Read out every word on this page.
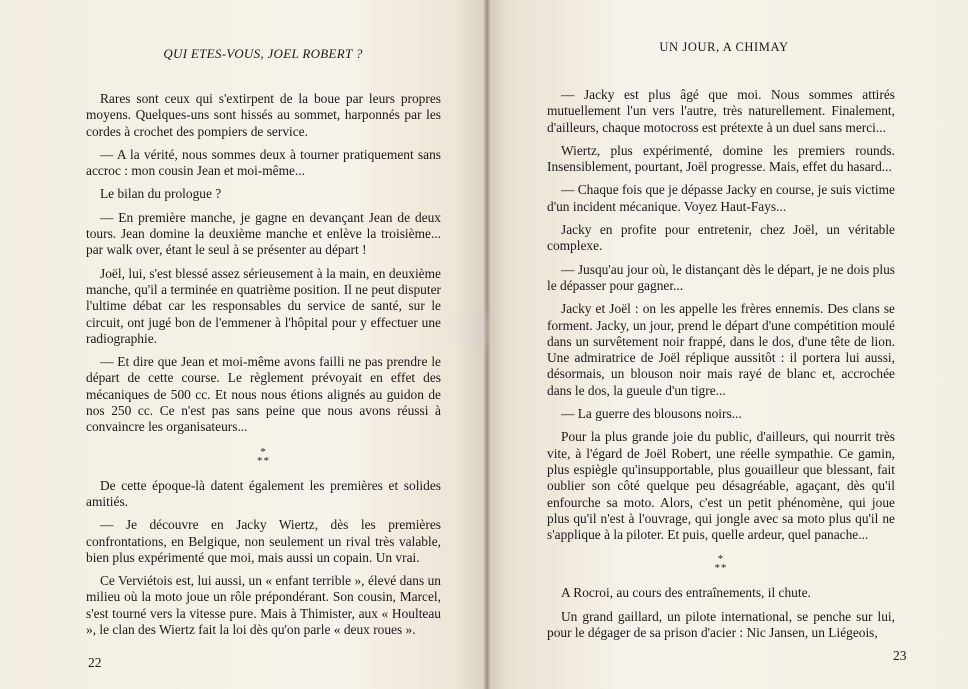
QUI ETES-VOUS, JOEL ROBERT ?

Rares sont ceux qui s'extirpent de la boue par leurs propres moyens. Quelques-uns sont hissés au sommet, harponnés par les cordes à crochet des pompiers de service.

— A la vérité, nous sommes deux à tourner pratiquement sans accroc : mon cousin Jean et moi-même...

Le bilan du prologue ?

— En première manche, je gagne en devançant Jean de deux tours. Jean domine la deuxième manche et enlève la troisième... par walk over, étant le seul à se présenter au départ !

Joël, lui, s'est blessé assez sérieusement à la main, en deuxième manche, qu'il a terminée en quatrième position. Il ne peut disputer l'ultime débat car les responsables du service de santé, sur le circuit, ont jugé bon de l'emmener à l'hôpital pour y effectuer une radiographie.

— Et dire que Jean et moi-même avons failli ne pas prendre le départ de cette course. Le règlement prévoyait en effet des mécaniques de 500 cc. Et nous nous étions alignés au guidon de nos 250 cc. Ce n'est pas sans peine que nous avons réussi à convaincre les organisateurs...

*
**

De cette époque-là datent également les premières et solides amitiés.

— Je découvre en Jacky Wiertz, dès les premières confrontations, en Belgique, non seulement un rival très valable, bien plus expérimenté que moi, mais aussi un copain. Un vrai.

Ce Verviétois est, lui aussi, un « enfant terrible », élevé dans un milieu où la moto joue un rôle prépondérant. Son cousin, Marcel, s'est tourné vers la vitesse pure. Mais à Thimister, aux « Houlteau », le clan des Wiertz fait la loi dès qu'on parle « deux roues ».

22
UN JOUR, A CHIMAY

— Jacky est plus âgé que moi. Nous sommes attirés mutuellement l'un vers l'autre, très naturellement. Finalement, d'ailleurs, chaque motocross est prétexte à un duel sans merci...

Wiertz, plus expérimenté, domine les premiers rounds. Insensiblement, pourtant, Joël progresse. Mais, effet du hasard...

— Chaque fois que je dépasse Jacky en course, je suis victime d'un incident mécanique. Voyez Haut-Fays...

Jacky en profite pour entretenir, chez Joël, un véritable complexe.

— Jusqu'au jour où, le distançant dès le départ, je ne dois plus le dépasser pour gagner...

Jacky et Joël : on les appelle les frères ennemis. Des clans se forment. Jacky, un jour, prend le départ d'une compétition moulé dans un survêtement noir frappé, dans le dos, d'une tête de lion. Une admiratrice de Joël réplique aussitôt : il portera lui aussi, désormais, un blouson noir mais rayé de blanc et, accrochée dans le dos, la gueule d'un tigre...

— La guerre des blousons noirs...

Pour la plus grande joie du public, d'ailleurs, qui nourrit très vite, à l'égard de Joël Robert, une réelle sympathie. Ce gamin, plus espiègle qu'insupportable, plus gouailleur que blessant, fait oublier son côté quelque peu désagréable, agaçant, dès qu'il enfourche sa moto. Alors, c'est un petit phénomène, qui joue plus qu'il n'est à l'ouvrage, qui jongle avec sa moto plus qu'il ne s'applique à la piloter. Et puis, quelle ardeur, quel panache...

*
**

A Rocroi, au cours des entraînements, il chute.

Un grand gaillard, un pilote international, se penche sur lui, pour le dégager de sa prison d'acier : Nic Jansen, un Liégeois,

23
